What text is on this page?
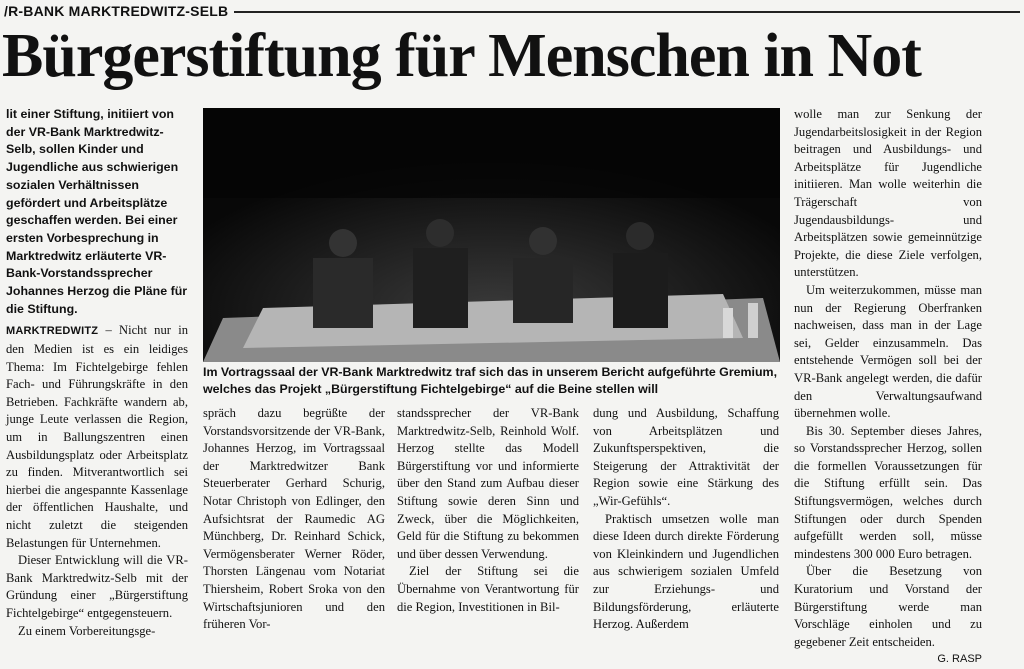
/R-BANK MARKTREDWITZ-SELB
Bürgerstiftung für Menschen in Not

lit einer Stiftung, initiiert von der VR-Bank Marktredwitz-Selb, sollen Kinder und Jugendliche aus schwierigen sozialen Verhältnissen gefördert und Arbeitsplätze geschaffen werden. Bei einer ersten Vorbesprechung in Marktredwitz erläuterte VR-Bank-Vorstandssprecher Johannes Herzog die Pläne für die Stiftung.

MARKTREDWITZ – Nicht nur in den Medien ist es ein leidiges Thema: Im Fichtelgebirge fehlen Fach- und Führungskräfte in den Betrieben. Fachkräfte wandern ab, junge Leute verlassen die Region, um in Ballungszentren einen Ausbildungsplatz oder Arbeitsplatz zu finden. Mitverantwortlich sei hierbei die angespannte Kassenlage der öffentlichen Haushalte, und nicht zuletzt die steigenden Belastungen für Unternehmen.

Dieser Entwicklung will die VR-Bank Marktredwitz-Selb mit der Gründung einer „Bürgerstiftung Fichtelgebirge“ entgegensteuern.

Zu einem Vorbereitungsge-

Im Vortragssaal der VR-Bank Marktredwitz traf sich das in unserem Bericht aufgeführte Gremium, welches das Projekt „Bürgerstiftung Fichtelgebirge“ auf die Beine stellen will

spräch dazu begrüßte der Vorstandsvorsitzende der VR-Bank, Johannes Herzog, im Vortragssaal der Marktredwitzer Bank Steuerberater Gerhard Schurig, Notar Christoph von Edlinger, den Aufsichtsrat der Raumedic AG Münchberg, Dr. Reinhard Schick, Vermögensberater Werner Röder, Thorsten Längenau vom Notariat Thiersheim, Robert Sroka von den Wirtschaftsjunioren und den früheren Vor-

standssprecher der VR-Bank Marktredwitz-Selb, Reinhold Wolf. Herzog stellte das Modell Bürgerstiftung vor und informierte über den Stand zum Aufbau dieser Stiftung sowie deren Sinn und Zweck, über die Möglichkeiten, Geld für die Stiftung zu bekommen und über dessen Verwendung.

Ziel der Stiftung sei die Übernahme von Verantwortung für die Region, Investitionen in Bil-

dung und Ausbildung, Schaffung von Arbeitsplätzen und Zukunftsperspektiven, die Steigerung der Attraktivität der Region sowie eine Stärkung des „Wir-Gefühls“.

Praktisch umsetzen wolle man diese Ideen durch direkte Förderung von Kleinkindern und Jugendlichen aus schwierigem sozialen Umfeld zur Erziehungs- und Bildungsförderung, erläuterte Herzog. Außerdem

wolle man zur Senkung der Jugendarbeitslosigkeit in der Region beitragen und Ausbildungs- und Arbeitsplätze für Jugendliche initiieren. Man wolle weiterhin die Trägerschaft von Jugendausbildungs- und Arbeitsplätzen sowie gemeinnützige Projekte, die diese Ziele verfolgen, unterstützen.

Um weiterzukommen, müsse man nun der Regierung Oberfranken nachweisen, dass man in der Lage sei, Gelder einzusammeln. Das entstehende Vermögen soll bei der VR-Bank angelegt werden, die dafür den Verwaltungsaufwand übernehmen wolle.

Bis 30. September dieses Jahres, so Vorstandssprecher Herzog, sollen die formellen Voraussetzungen für die Stiftung erfüllt sein. Das Stiftungsvermögen, welches durch Stiftungen oder durch Spenden aufgefüllt werden soll, müsse mindestens 300 000 Euro betragen.

Über die Besetzung von Kuratorium und Vorstand der Bürgerstiftung werde man Vorschläge einholen und zu gegebener Zeit entscheiden.

G. RASP
